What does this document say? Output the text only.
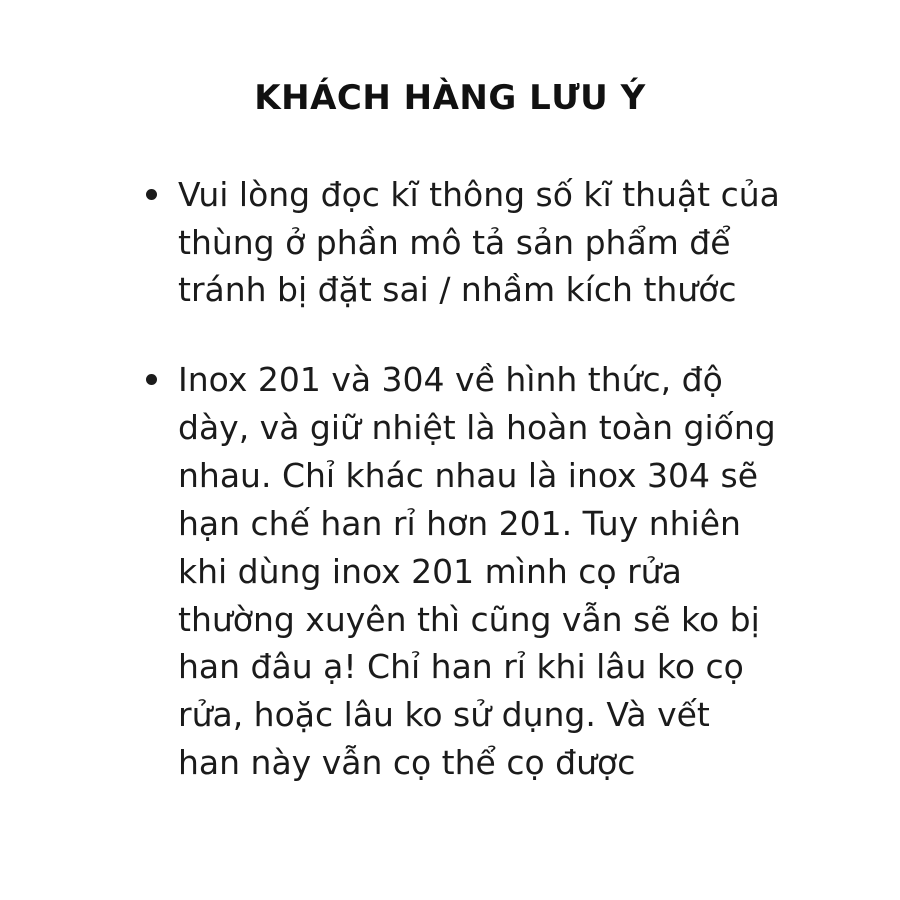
KHÁCH HÀNG LƯU Ý
Vui lòng đọc kĩ thông số kĩ thuật của thùng ở phần mô tả sản phẩm để tránh bị đặt sai / nhầm kích thước
Inox 201 và 304 về hình thức, độ dày, và giữ nhiệt là hoàn toàn giống nhau. Chỉ khác nhau là inox 304 sẽ hạn chế han rỉ hơn 201. Tuy nhiên khi dùng inox 201 mình cọ rửa thường xuyên thì cũng vẫn sẽ ko bị han đâu ạ! Chỉ han rỉ khi lâu ko cọ rửa, hoặc lâu ko sử dụng. Và vết han này vẫn cọ thể cọ được
